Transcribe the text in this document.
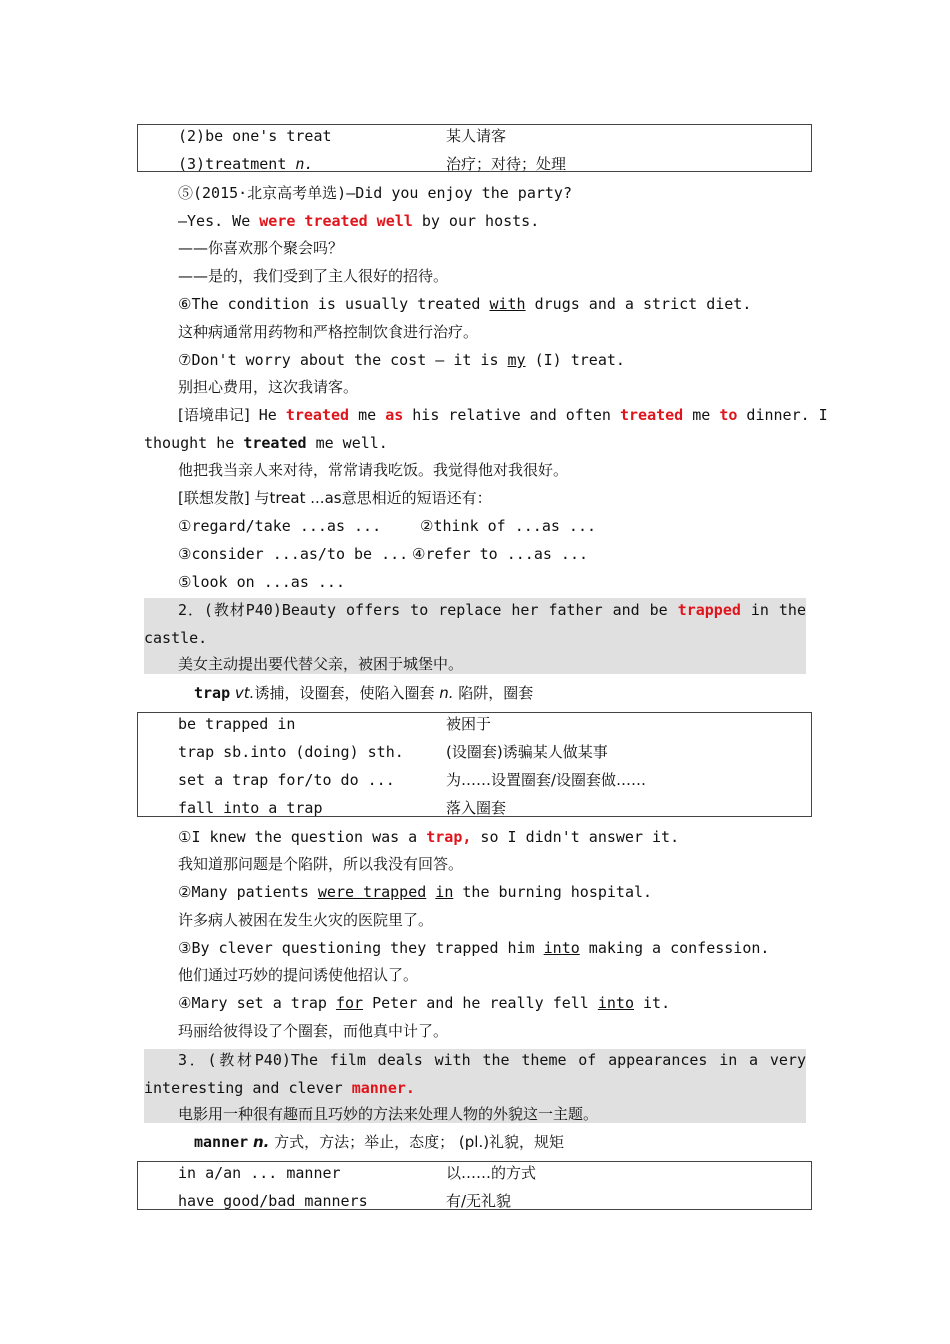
(2)be one's treat	某人请客
(3)treatment n.	治疗；对待；处理
⑤(2015·北京高考单选)—Did you enjoy the party?
—Yes. We were treated well by our hosts.
——你喜欢那个聚会吗？
——是的，我们受到了主人很好的招待。
⑥The condition is usually treated with drugs and a strict diet.
这种病通常用药物和严格控制饮食进行治疗。
⑦Don't worry about the cost — it is my (I) treat.
别担心费用，这次我请客。
[语境串记] He treated me as his relative and often treated me to dinner. I
thought he treated me well.
他把我当亲人来对待，常常请我吃饭。我觉得他对我很好。
[联想发散] 与treat ...as意思相近的短语还有：
①regard/take ...as ...	②think of ...as ...
③consider ...as/to be ... ④refer to ...as ...
⑤look on ...as ...
2．(教材P40)Beauty offers to replace her father and be trapped in the
castle.
美女主动提出要代替父亲，被困于城堡中。
trap vt.诱捕，设圈套，使陷入圈套 n. 陷阱，圈套
be trapped in	被困于
trap sb.into (doing) sth.	(设圈套)诱骗某人做某事
set a trap for/to do ...	为……设置圈套/设圈套做……
fall into a trap	落入圈套
①I knew the question was a trap, so I didn't answer it.
我知道那问题是个陷阱，所以我没有回答。
②Many patients were trapped in the burning hospital.
许多病人被困在发生火灾的医院里了。
③By clever questioning they trapped him into making a confession.
他们通过巧妙的提问诱使他招认了。
④Mary set a trap for Peter and he really fell into it.
玛丽给彼得设了个圈套，而他真中计了。
3．(教材P40)The film deals with the theme of appearances in a very
interesting and clever manner.
电影用一种很有趣而且巧妙的方法来处理人物的外貌这一主题。
manner n. 方式，方法；举止，态度； (pl.)礼貌，规矩
in a/an ... manner	以……的方式
have good/bad manners	有/无礼貌
